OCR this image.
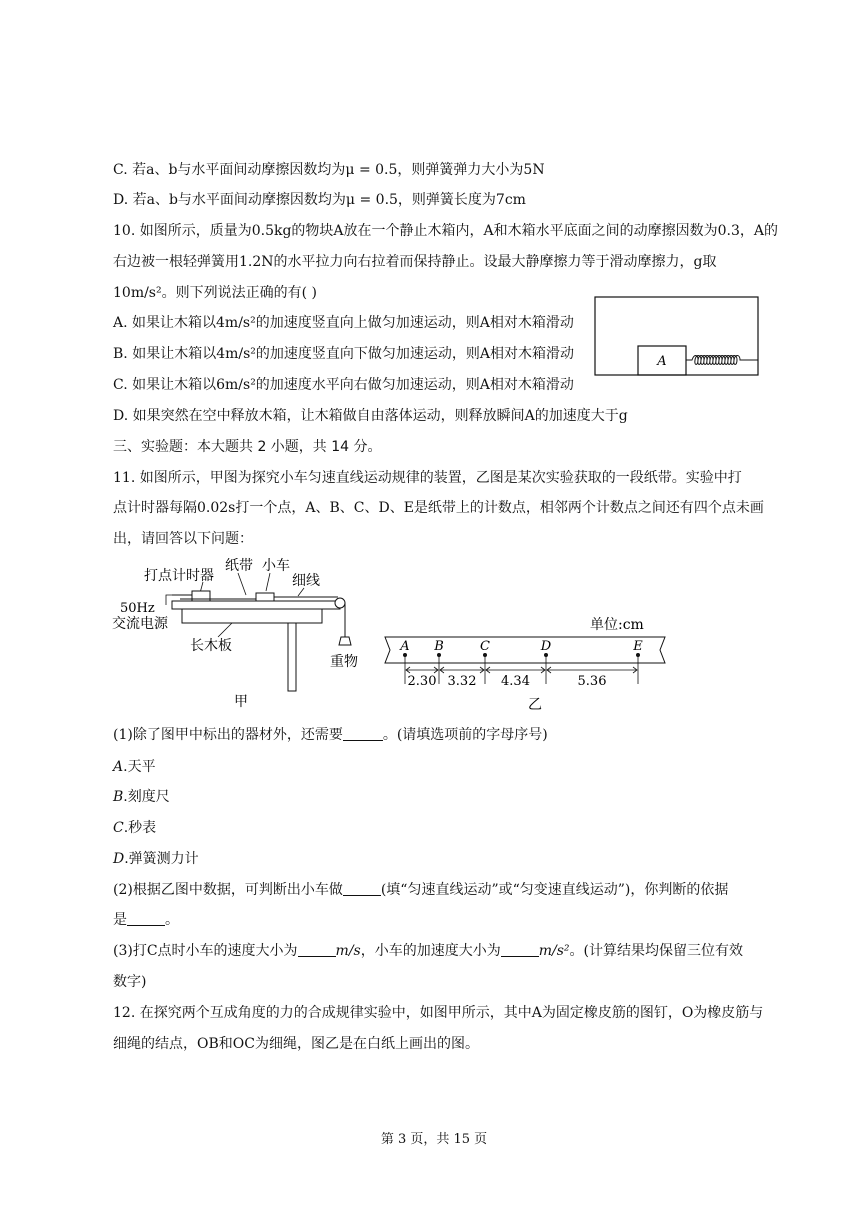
C. 若a、b与水平面间动摩擦因数均为μ = 0.5，则弹簧弹力大小为5N
D. 若a、b与水平面间动摩擦因数均为μ = 0.5，则弹簧长度为7cm
10. 如图所示，质量为0.5kg的物块A放在一个静止木箱内，A和木箱水平底面之间的动摩擦因数为0.3，A的
右边被一根轻弹簧用1.2N的水平拉力向右拉着而保持静止。设最大静摩擦力等于滑动摩擦力，g取
10m/s²。则下列说法正确的有( )
A. 如果让木箱以4m/s²的加速度竖直向上做匀加速运动，则A相对木箱滑动
B. 如果让木箱以4m/s²的加速度竖直向下做匀加速运动，则A相对木箱滑动
C. 如果让木箱以6m/s²的加速度水平向右做匀加速运动，则A相对木箱滑动
D. 如果突然在空中释放木箱，让木箱做自由落体运动，则释放瞬间A的加速度大于g
A
三、实验题：本大题共 2 小题，共 14 分。
11. 如图所示，甲图为探究小车匀速直线运动规律的装置，乙图是某次实验获取的一段纸带。实验中打
点计时器每隔0.02s打一个点，A、B、C、D、E是纸带上的计数点，相邻两个计数点之间还有四个点未画
出，请回答以下问题：
打点计时器
纸带 小车
细线
50Hz
交流电源
长木板
重物
甲
单位:cm
A B	C	D	E
2.30 3.32 4.34	5.36
乙
(1)除了图甲中标出的器材外，还需要	。(请填选项前的字母序号)
A.天平
B.刻度尺
C.秒表
D.弹簧测力计
(2)根据乙图中数据，可判断出小车做	(填“匀速直线运动”或“匀变速直线运动”)，你判断的依据
是	。
(3)打C点时小车的速度大小为	m/s，小车的加速度大小为	m/s²。(计算结果均保留三位有效
数字)
12. 在探究两个互成角度的力的合成规律实验中，如图甲所示，其中A为固定橡皮筋的图钉，O为橡皮筋与
细绳的结点，OB和OC为细绳，图乙是在白纸上画出的图。
第 3 页，共 15 页
